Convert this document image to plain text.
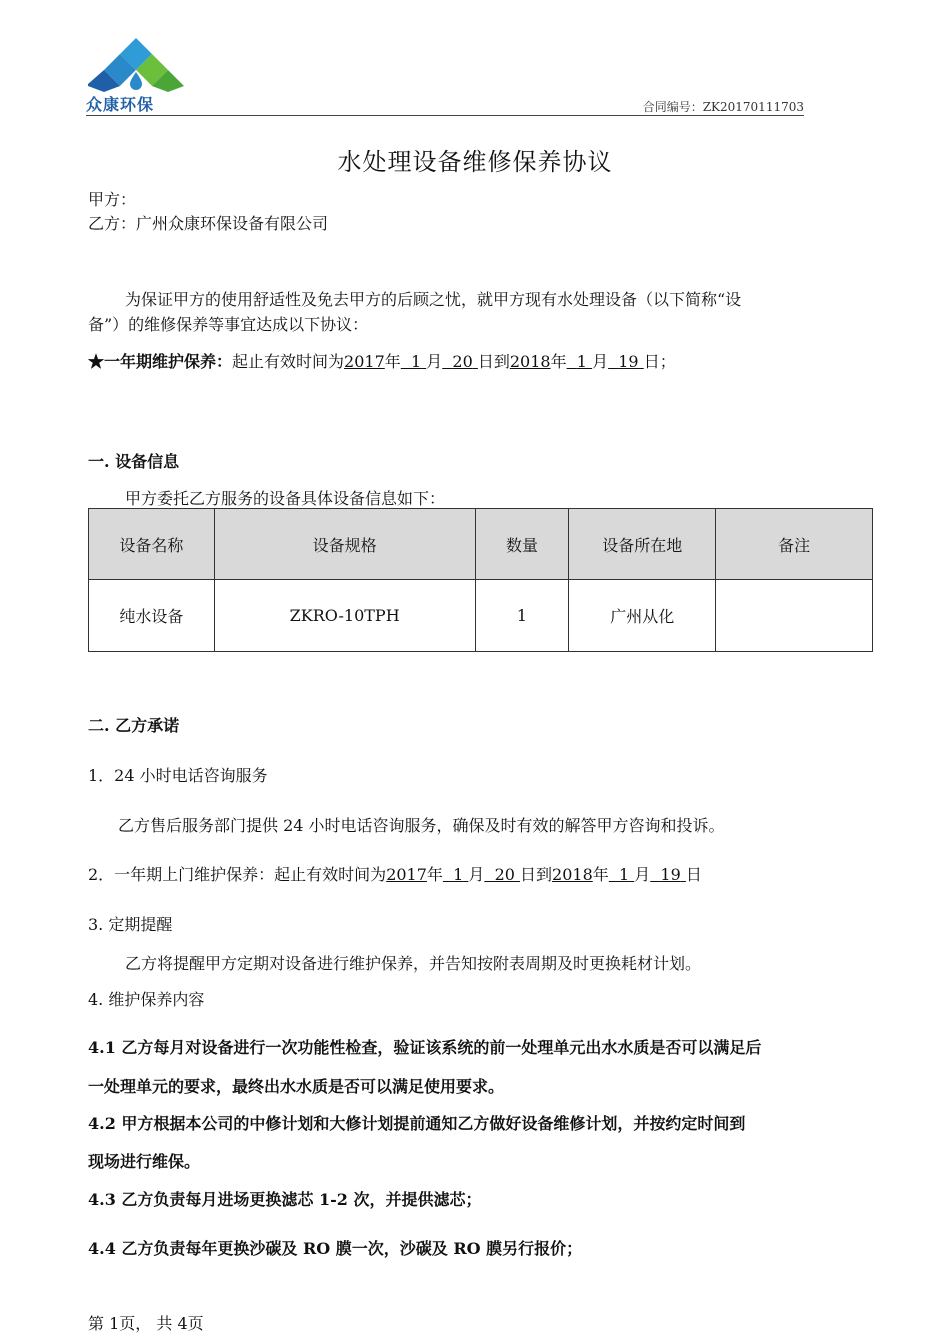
众康环保	合同编号：ZK20170111703
水处理设备维修保养协议
甲方：
乙方：广州众康环保设备有限公司
为保证甲方的使用舒适性及免去甲方的后顾之忧，就甲方现有水处理设备（以下简称“设
备”）的维修保养等事宜达成以下协议：
★一年期维护保养：起止有效时间为2017年 1 月 20 日到2018年 1 月 19 日；
一. 设备信息
甲方委托乙方服务的设备具体设备信息如下：
设备名称	设备规格	数量	设备所在地	备注
纯水设备	ZKRO-10TPH	1	广州从化	
二. 乙方承诺
1．24 小时电话咨询服务
乙方售后服务部门提供 24 小时电话咨询服务，确保及时有效的解答甲方咨询和投诉。
2．一年期上门维护保养：起止有效时间为2017年 1 月 20 日到2018年 1 月 19 日
3. 定期提醒
乙方将提醒甲方定期对设备进行维护保养，并告知按附表周期及时更换耗材计划。
4. 维护保养内容
4.1 乙方每月对设备进行一次功能性检查，验证该系统的前一处理单元出水水质是否可以满足后
一处理单元的要求，最终出水水质是否可以满足使用要求。
4.2 甲方根据本公司的中修计划和大修计划提前通知乙方做好设备维修计划，并按约定时间到
现场进行维保。
4.3 乙方负责每月进场更换滤芯 1-2 次，并提供滤芯；
4.4 乙方负责每年更换沙碳及 RO 膜一次，沙碳及 RO 膜另行报价；
第 1页， 共 4页
